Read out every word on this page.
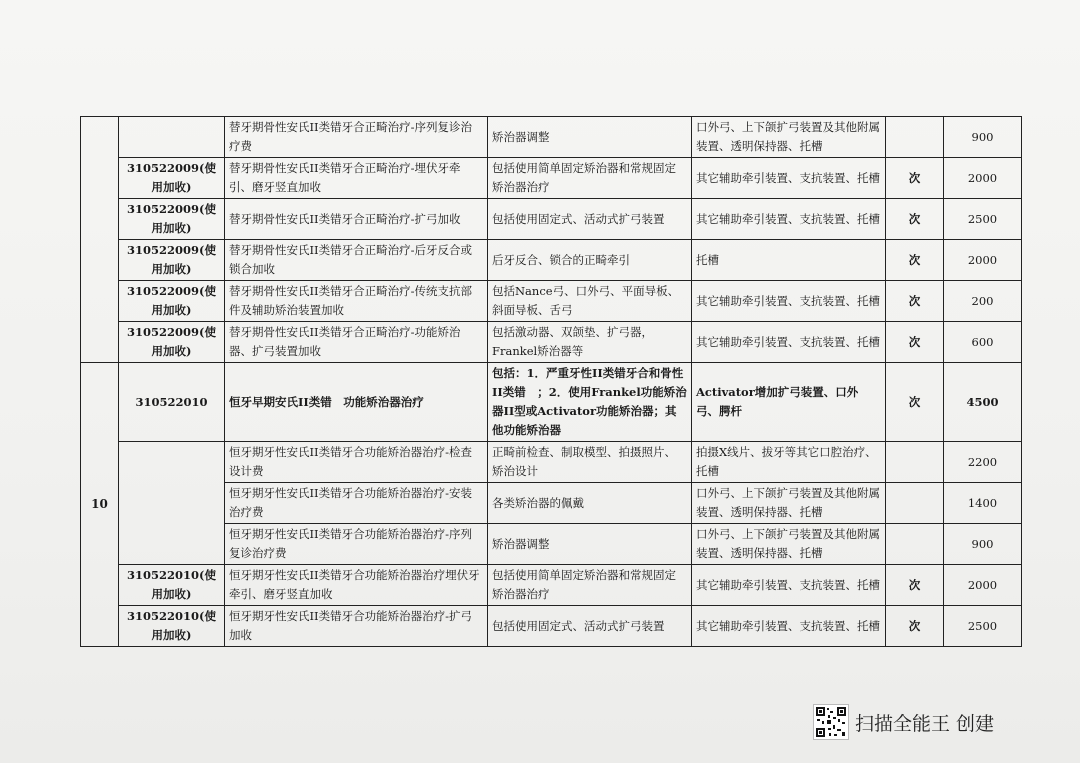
		替牙期骨性安氏II类错牙合正畸治疗-序列复诊治疗费	矫治器调整	口外弓、上下颌扩弓装置及其他附属装置、透明保持器、托槽		900
	310522009(使用加收)	替牙期骨性安氏II类错牙合正畸治疗-埋伏牙牵引、磨牙竖直加收	包括使用简单固定矫治器和常规固定矫治器治疗	其它辅助牵引装置、支抗装置、托槽	次	2000
	310522009(使用加收)	替牙期骨性安氏II类错牙合正畸治疗-扩弓加收	包括使用固定式、活动式扩弓装置	其它辅助牵引装置、支抗装置、托槽	次	2500
	310522009(使用加收)	替牙期骨性安氏II类错牙合正畸治疗-后牙反合或锁合加收	后牙反合、锁合的正畸牵引	托槽	次	2000
	310522009(使用加收)	替牙期骨性安氏II类错牙合正畸治疗-传统支抗部件及辅助矫治装置加收	包括Nance弓、口外弓、平面导板、斜面导板、舌弓	其它辅助牵引装置、支抗装置、托槽	次	200
	310522009(使用加收)	替牙期骨性安氏II类错牙合正畸治疗-功能矫治器、扩弓装置加收	包括激动器、双颌垫、扩弓器，Frankel矫治器等	其它辅助牵引装置、支抗装置、托槽	次	600
10	310522010	恒牙早期安氏II类错　功能矫治器治疗	包括：1．严重牙性II类错牙合和骨性II类错　；2．使用Frankel功能矫治器II型或Activator功能矫治器；其他功能矫治器	Activator增加扩弓装置、口外弓、腭杆	次	4500
		恒牙期牙性安氏II类错牙合功能矫治器治疗-检查设计费	正畸前检查、制取模型、拍摄照片、矫治设计	拍摄X线片、拔牙等其它口腔治疗、托槽		2200
		恒牙期牙性安氏II类错牙合功能矫治器治疗-安装治疗费	各类矫治器的佩戴	口外弓、上下颌扩弓装置及其他附属装置、透明保持器、托槽		1400
		恒牙期牙性安氏II类错牙合功能矫治器治疗-序列复诊治疗费	矫治器调整	口外弓、上下颌扩弓装置及其他附属装置、透明保持器、托槽		900
	310522010(使用加收)	恒牙期牙性安氏II类错牙合功能矫治器治疗埋伏牙牵引、磨牙竖直加收	包括使用简单固定矫治器和常规固定矫治器治疗	其它辅助牵引装置、支抗装置、托槽	次	2000
	310522010(使用加收)	恒牙期牙性安氏II类错牙合功能矫治器治疗-扩弓加收	包括使用固定式、活动式扩弓装置	其它辅助牵引装置、支抗装置、托槽	次	2500
扫描全能王 创建
